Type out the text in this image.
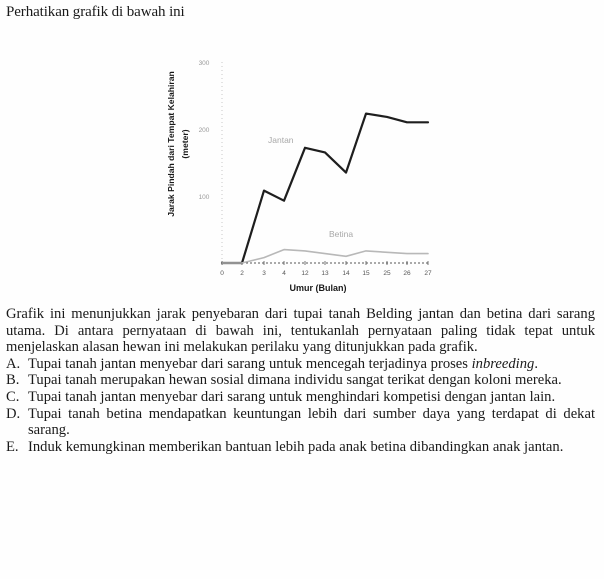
Perhatikan grafik di bawah ini
Jarak Pindah dari Tempat Kelahiran (meter)
300
200
100
0	2	3	4 12 13 14 15 25 26 27
Jantan
Betina
Umur (Bulan)

Grafik ini menunjukkan jarak penyebaran dari tupai tanah Belding jantan dan betina dari sarang utama. Di antara pernyataan di bawah ini, tentukanlah pernyataan paling tidak tepat untuk menjelaskan alasan hewan ini melakukan perilaku yang ditunjukkan pada grafik.

A. Tupai tanah jantan menyebar dari sarang untuk mencegah terjadinya proses inbreeding.
B. Tupai tanah merupakan hewan sosial dimana individu sangat terikat dengan koloni mereka.
C. Tupai tanah jantan menyebar dari sarang untuk menghindari kompetisi dengan jantan lain.
D. Tupai tanah betina mendapatkan keuntungan lebih dari sumber daya yang terdapat di dekat sarang.
E. Induk kemungkinan memberikan bantuan lebih pada anak betina dibandingkan anak jantan.
